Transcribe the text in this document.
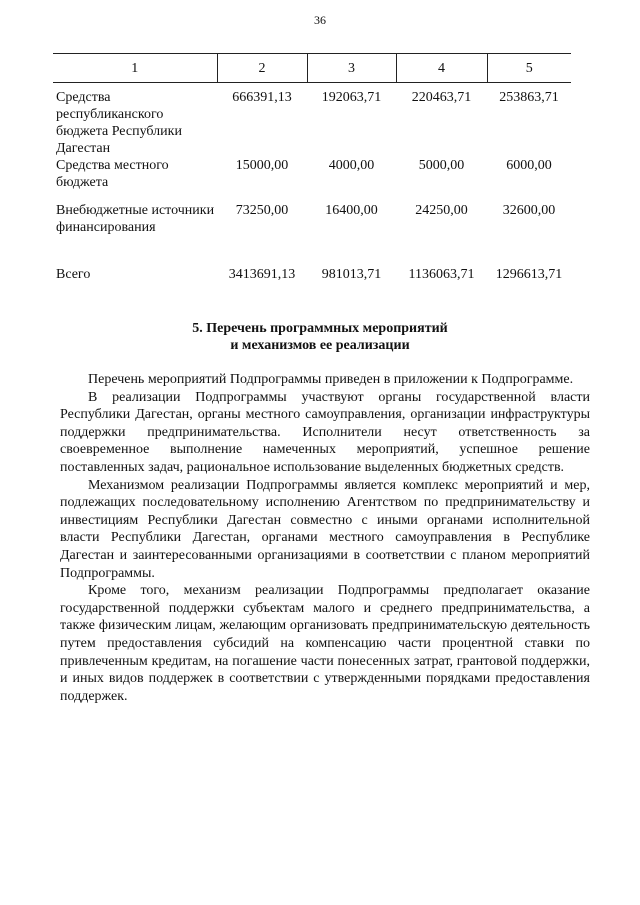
36
1	2	3	4	5
Средства республиканского бюджета Республики Дагестан	666391,13	192063,71	220463,71	253863,71
Средства местного бюджета	15000,00	4000,00	5000,00	6000,00
Внебюджетные источники финансирования	73250,00	16400,00	24250,00	32600,00
Всего	3413691,13	981013,71	1136063,71	1296613,71
5. Перечень программных мероприятий
и механизмов ее реализации

Перечень мероприятий Подпрограммы приведен в приложении к Подпрограмме.

В реализации Подпрограммы участвуют органы государственной власти Республики Дагестан, органы местного самоуправления, организации инфраструктуры поддержки предпринимательства. Исполнители несут ответственность за своевременное выполнение намеченных мероприятий, успешное решение поставленных задач, рациональное использование выделенных бюджетных средств.

Механизмом реализации Подпрограммы является комплекс мероприятий и мер, подлежащих последовательному исполнению Агентством по предпринимательству и инвестициям Республики Дагестан совместно с иными органами исполнительной власти Республики Дагестан, органами местного самоуправления в Республике Дагестан и заинтересованными организациями в соответствии с планом мероприятий Подпрограммы.

Кроме того, механизм реализации Подпрограммы предполагает оказание государственной поддержки субъектам малого и среднего предпринимательства, а также физическим лицам, желающим организовать предпринимательскую деятельность путем предоставления субсидий на компенсацию части процентной ставки по привлеченным кредитам, на погашение части понесенных затрат, грантовой поддержки, и иных видов поддержек в соответствии с утвержденными порядками предоставления поддержек.
